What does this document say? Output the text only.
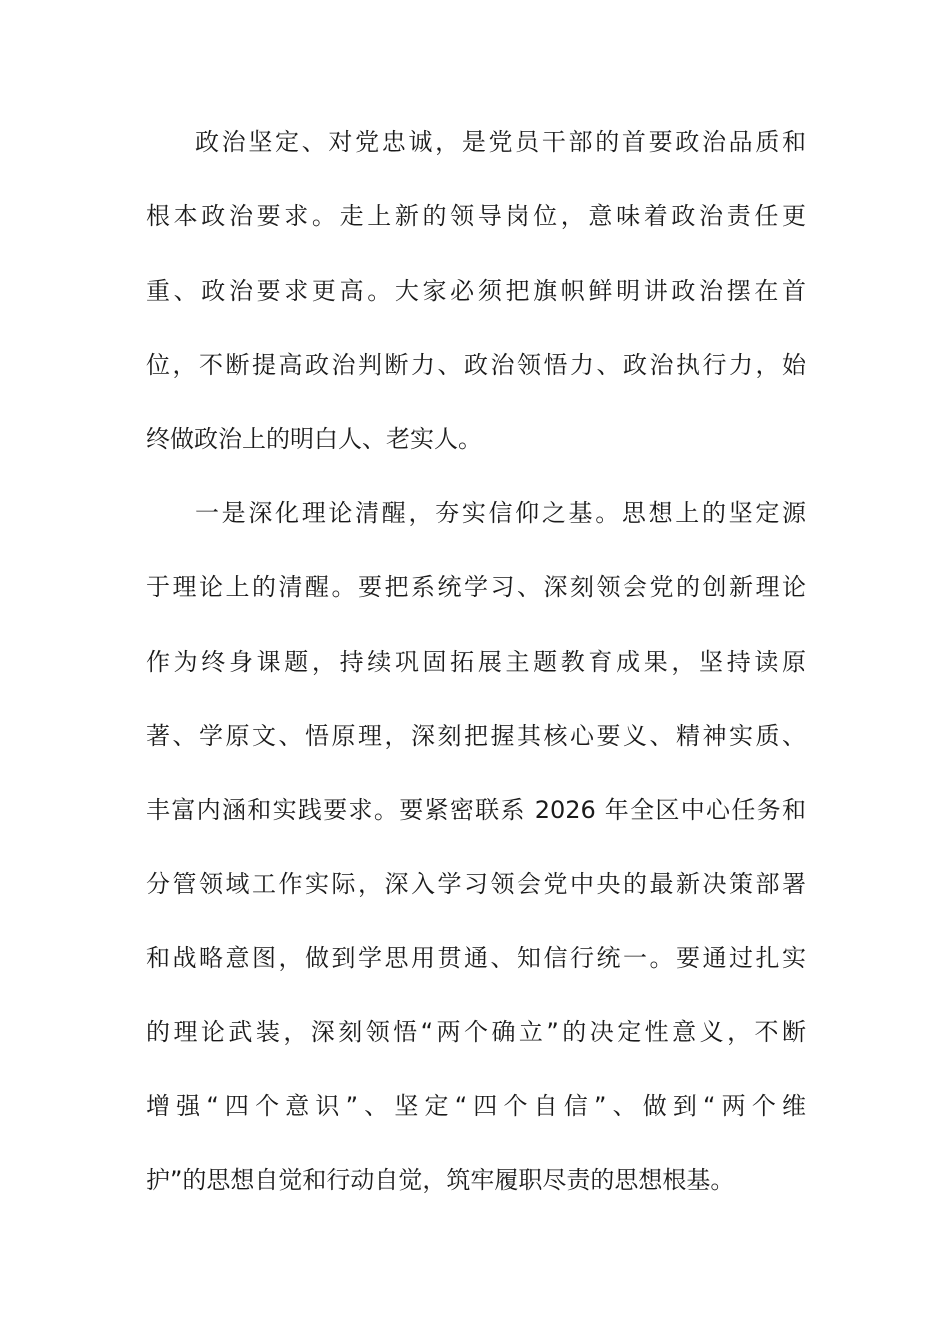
政治坚定、对党忠诚，是党员干部的首要政治品质和
根本政治要求。走上新的领导岗位，意味着政治责任更
重、政治要求更高。大家必须把旗帜鲜明讲政治摆在首
位，不断提高政治判断力、政治领悟力、政治执行力，始
终做政治上的明白人、老实人。
一是深化理论清醒，夯实信仰之基。思想上的坚定源
于理论上的清醒。要把系统学习、深刻领会党的创新理论
作为终身课题，持续巩固拓展主题教育成果，坚持读原
著、学原文、悟原理，深刻把握其核心要义、精神实质、
丰富内涵和实践要求。要紧密联系 2026 年全区中心任务和
分管领域工作实际，深入学习领会党中央的最新决策部署
和战略意图，做到学思用贯通、知信行统一。要通过扎实
的理论武装，深刻领悟“两个确立”的决定性意义，不断
增强“四个意识”、坚定“四个自信”、做到“两个维
护”的思想自觉和行动自觉，筑牢履职尽责的思想根基。
